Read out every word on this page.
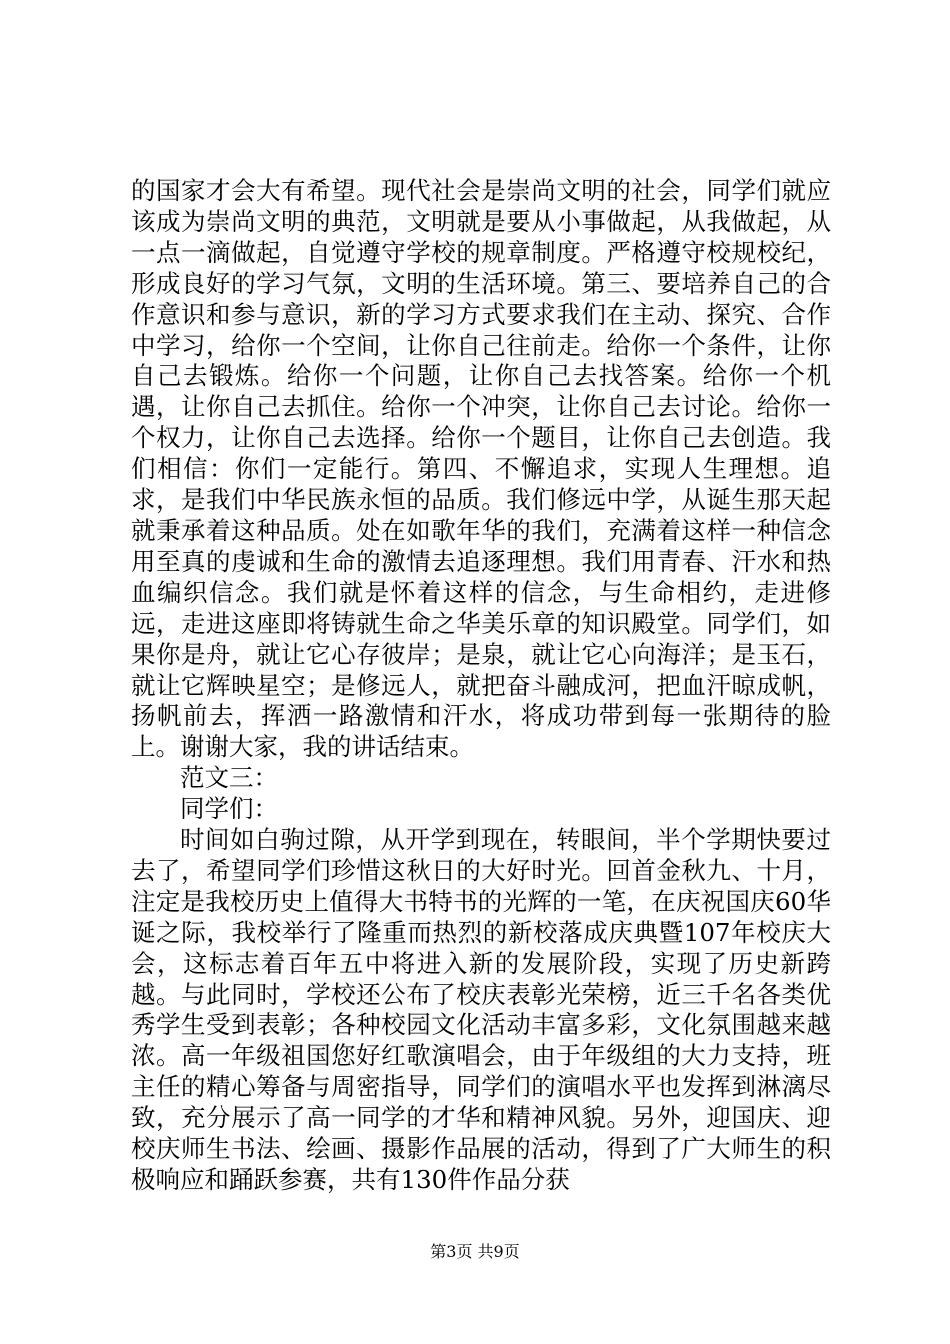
的国家才会大有希望。现代社会是崇尚文明的社会，同学们就应该成为崇尚文明的典范，文明就是要从小事做起，从我做起，从一点一滴做起，自觉遵守学校的规章制度。严格遵守校规校纪，形成良好的学习气氛，文明的生活环境。第三、要培养自己的合作意识和参与意识，新的学习方式要求我们在主动、探究、合作中学习，给你一个空间，让你自己往前走。给你一个条件，让你自己去锻炼。给你一个问题，让你自己去找答案。给你一个机遇，让你自己去抓住。给你一个冲突，让你自己去讨论。给你一个权力，让你自己去选择。给你一个题目，让你自己去创造。我们相信：你们一定能行。第四、不懈追求，实现人生理想。追求，是我们中华民族永恒的品质。我们修远中学，从诞生那天起就秉承着这种品质。处在如歌年华的我们，充满着这样一种信念用至真的虔诚和生命的激情去追逐理想。我们用青春、汗水和热血编织信念。我们就是怀着这样的信念，与生命相约，走进修远，走进这座即将铸就生命之华美乐章的知识殿堂。同学们，如果你是舟，就让它心存彼岸；是泉，就让它心向海洋；是玉石，就让它辉映星空；是修远人，就把奋斗融成河，把血汗晾成帆，扬帆前去，挥洒一路激情和汗水，将成功带到每一张期待的脸上。谢谢大家，我的讲话结束。

范文三：

同学们：

时间如白驹过隙，从开学到现在，转眼间，半个学期快要过去了，希望同学们珍惜这秋日的大好时光。回首金秋九、十月，注定是我校历史上值得大书特书的光辉的一笔，在庆祝国庆60华诞之际，我校举行了隆重而热烈的新校落成庆典暨107年校庆大会，这标志着百年五中将进入新的发展阶段，实现了历史新跨越。与此同时，学校还公布了校庆表彰光荣榜，近三千名各类优秀学生受到表彰；各种校园文化活动丰富多彩，文化氛围越来越浓。高一年级祖国您好红歌演唱会，由于年级组的大力支持，班主任的精心筹备与周密指导，同学们的演唱水平也发挥到淋漓尽致，充分展示了高一同学的才华和精神风貌。另外，迎国庆、迎校庆师生书法、绘画、摄影作品展的活动，得到了广大师生的积极响应和踊跃参赛，共有130件作品分获

第3页 共9页
